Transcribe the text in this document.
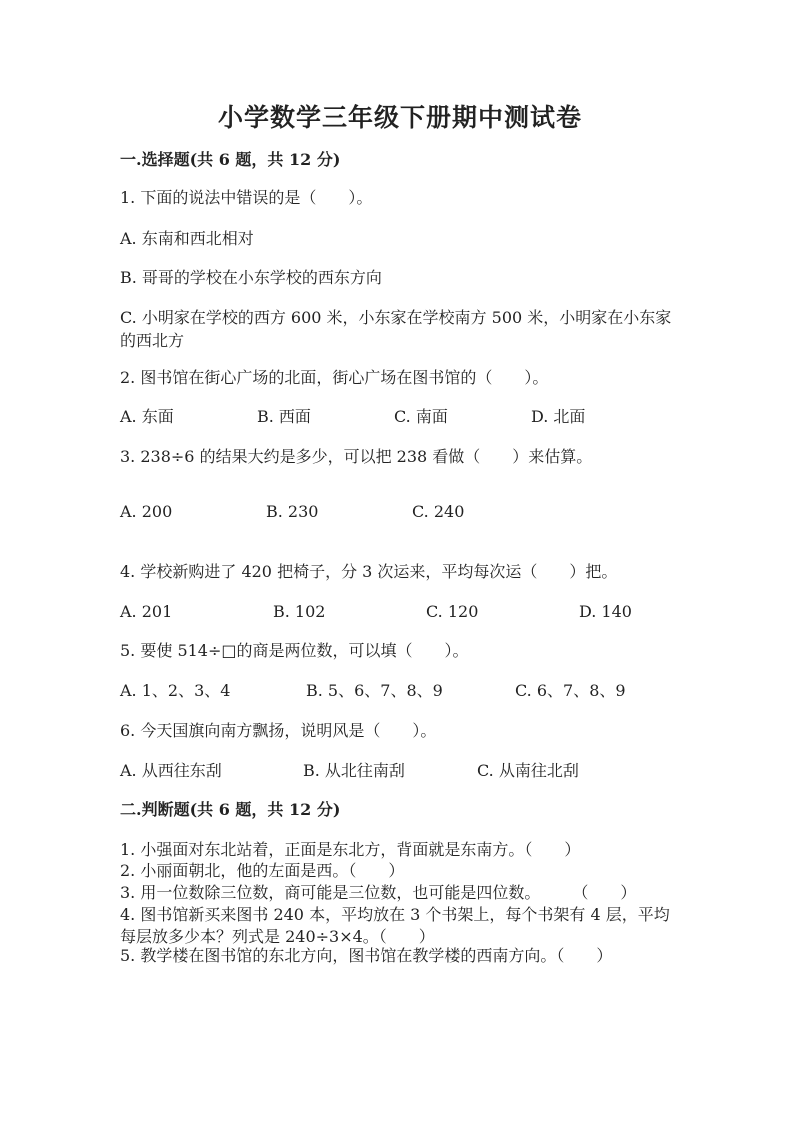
小学数学三年级下册期中测试卷
一.选择题(共 6 题，共 12 分)
1. 下面的说法中错误的是（　　）。
A. 东南和西北相对
B. 哥哥的学校在小东学校的西东方向
C. 小明家在学校的西方 600 米，小东家在学校南方 500 米，小明家在小东家的西北方
2. 图书馆在街心广场的北面，街心广场在图书馆的（　　）。
A. 东面	B. 西面	C. 南面	D. 北面
3. 238÷6 的结果大约是多少，可以把 238 看做（　　）来估算。
A. 200	B. 230	C. 240
4. 学校新购进了 420 把椅子，分 3 次运来，平均每次运（　　）把。
A. 201	B. 102	C. 120	D. 140
5. 要使 514÷□的商是两位数，可以填（　　）。
A. 1、2、3、4	B. 5、6、7、8、9	C. 6、7、8、9
6. 今天国旗向南方飘扬，说明风是（　　）。
A. 从西往东刮	B. 从北往南刮	C. 从南往北刮
二.判断题(共 6 题，共 12 分)
1. 小强面对东北站着，正面是东北方，背面就是东南方。（　　）
2. 小丽面朝北，他的左面是西。（　　）
3. 用一位数除三位数，商可能是三位数，也可能是四位数。　　　（　　）
4. 图书馆新买来图书 240 本，平均放在 3 个书架上，每个书架有 4 层，平均每层放多少本？列式是 240÷3×4。（　　）
5. 教学楼在图书馆的东北方向，图书馆在教学楼的西南方向。（　　）
